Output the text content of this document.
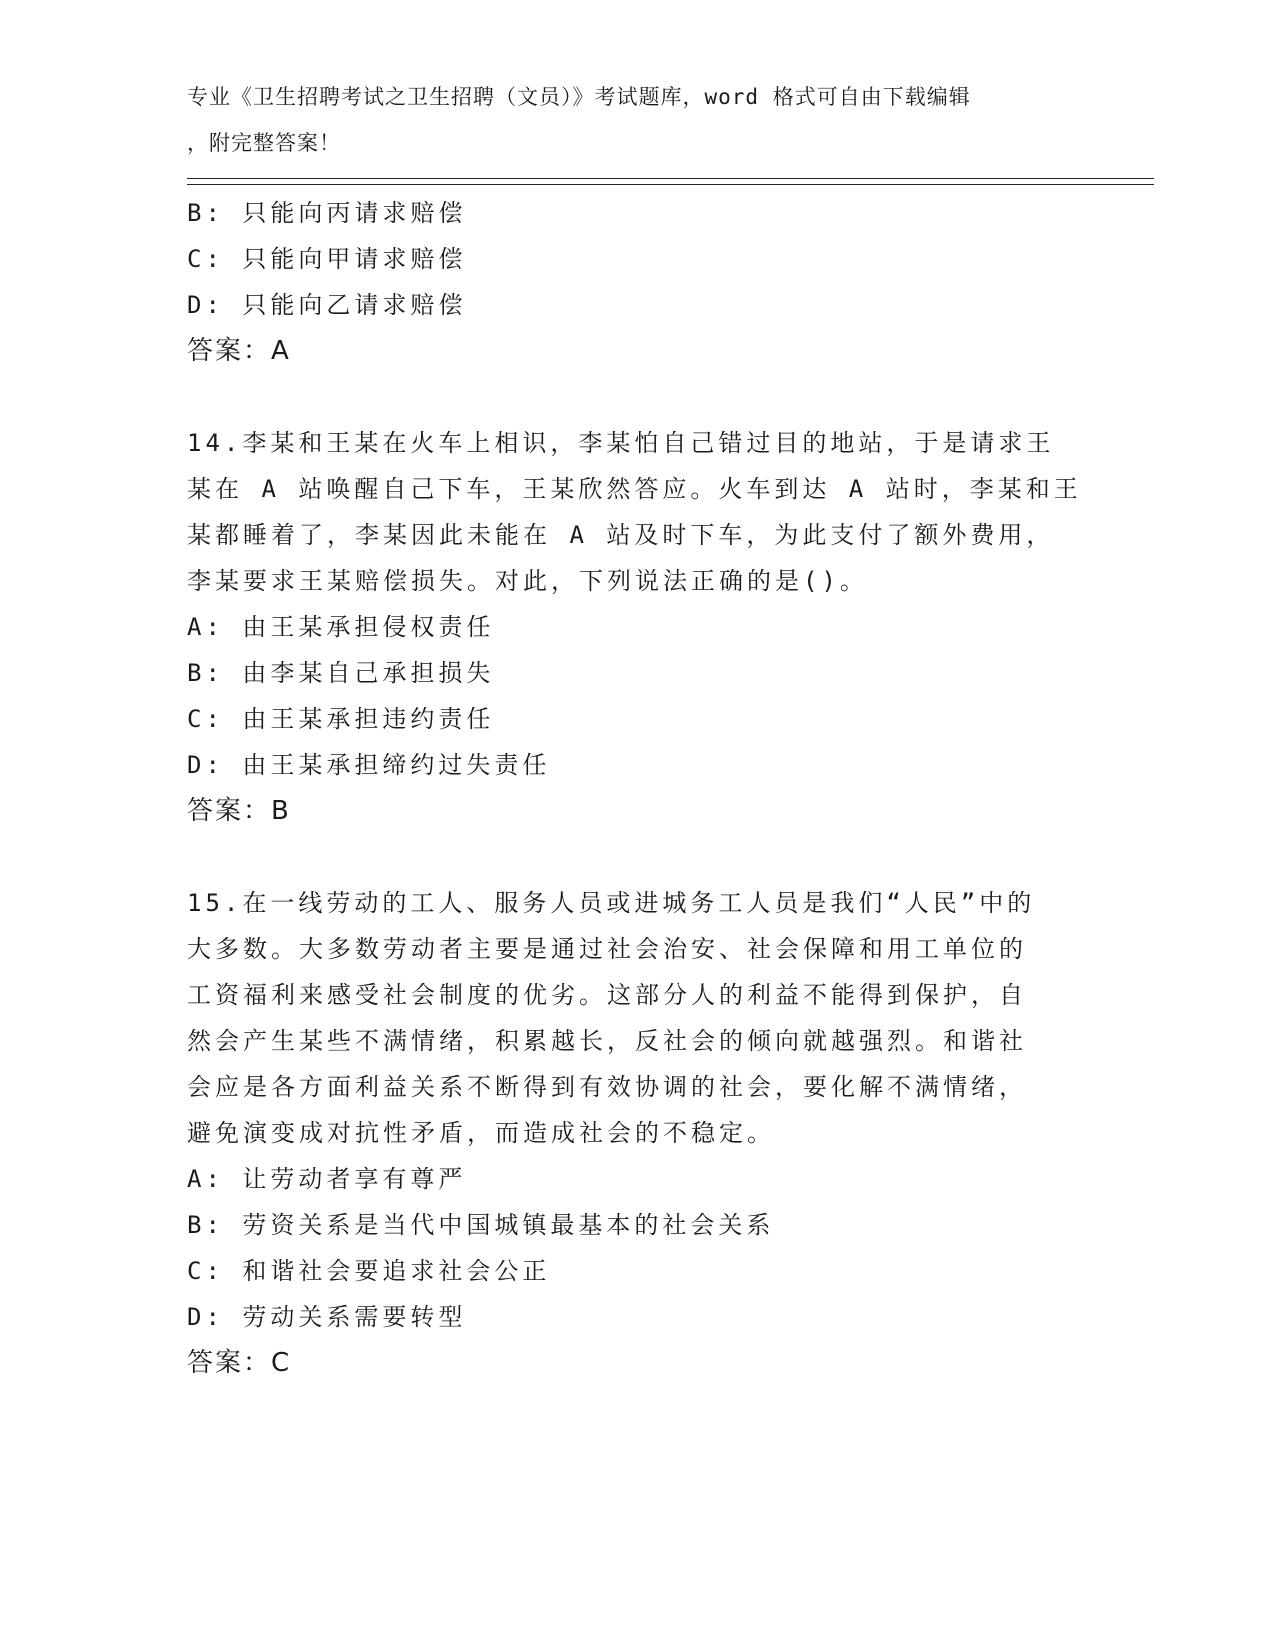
专业《卫生招聘考试之卫生招聘（文员）》考试题库，word 格式可自由下载编辑
，附完整答案！
B: 只能向丙请求赔偿
C: 只能向甲请求赔偿
D: 只能向乙请求赔偿
答案：A
14.李某和王某在火车上相识，李某怕自己错过目的地站，于是请求王
某在 A 站唤醒自己下车，王某欣然答应。火车到达 A 站时，李某和王
某都睡着了，李某因此未能在 A 站及时下车，为此支付了额外费用，
李某要求王某赔偿损失。对此，下列说法正确的是()。
A: 由王某承担侵权责任
B: 由李某自己承担损失
C: 由王某承担违约责任
D: 由王某承担缔约过失责任
答案：B
15.在一线劳动的工人、服务人员或进城务工人员是我们“人民”中的
大多数。大多数劳动者主要是通过社会治安、社会保障和用工单位的
工资福利来感受社会制度的优劣。这部分人的利益不能得到保护，自
然会产生某些不满情绪，积累越长，反社会的倾向就越强烈。和谐社
会应是各方面利益关系不断得到有效协调的社会，要化解不满情绪，
避免演变成对抗性矛盾，而造成社会的不稳定。
A: 让劳动者享有尊严
B: 劳资关系是当代中国城镇最基本的社会关系
C: 和谐社会要追求社会公正
D: 劳动关系需要转型
答案：C
